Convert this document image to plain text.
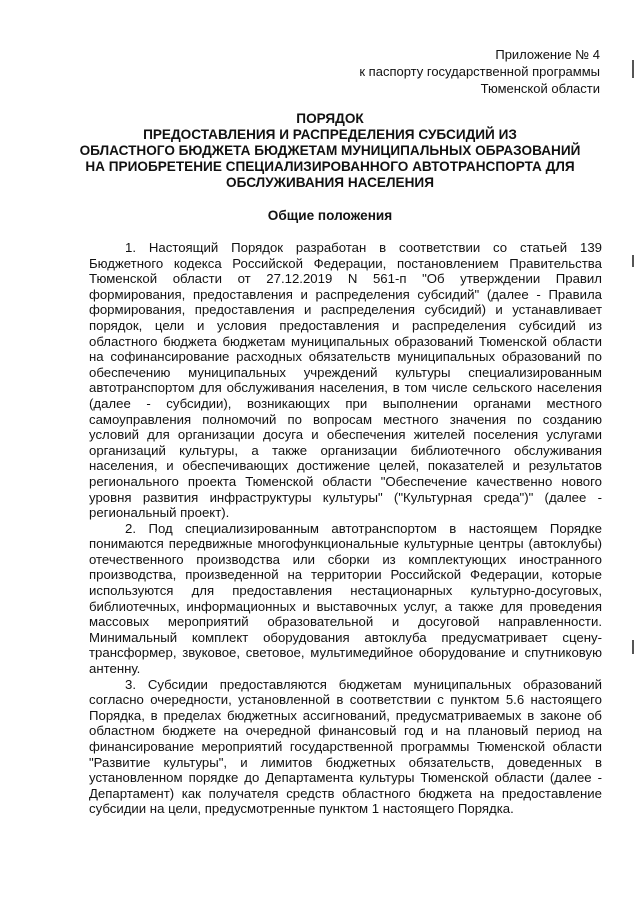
Приложение № 4
к паспорту государственной программы
Тюменской области
ПОРЯДОК
ПРЕДОСТАВЛЕНИЯ И РАСПРЕДЕЛЕНИЯ СУБСИДИЙ ИЗ
ОБЛАСТНОГО БЮДЖЕТА БЮДЖЕТАМ МУНИЦИПАЛЬНЫХ ОБРАЗОВАНИЙ
НА ПРИОБРЕТЕНИЕ СПЕЦИАЛИЗИРОВАННОГО АВТОТРАНСПОРТА ДЛЯ
ОБСЛУЖИВАНИЯ НАСЕЛЕНИЯ
Общие положения

1. Настоящий Порядок разработан в соответствии со статьей 139 Бюджетного кодекса Российской Федерации, постановлением Правительства Тюменской области от 27.12.2019 N 561-п "Об утверждении Правил формирования, предоставления и распределения субсидий" (далее - Правила формирования, предоставления и распределения субсидий) и устанавливает порядок, цели и условия предоставления и распределения субсидий из областного бюджета бюджетам муниципальных образований Тюменской области на софинансирование расходных обязательств муниципальных образований по обеспечению муниципальных учреждений культуры специализированным автотранспортом для обслуживания населения, в том числе сельского населения (далее - субсидии), возникающих при выполнении органами местного самоуправления полномочий по вопросам местного значения по созданию условий для организации досуга и обеспечения жителей поселения услугами организаций культуры, а также организации библиотечного обслуживания населения, и обеспечивающих достижение целей, показателей и результатов регионального проекта Тюменской области "Обеспечение качественно нового уровня развития инфраструктуры культуры" ("Культурная среда")" (далее - региональный проект).

2. Под специализированным автотранспортом в настоящем Порядке понимаются передвижные многофункциональные культурные центры (автоклубы) отечественного производства или сборки из комплектующих иностранного производства, произведенной на территории Российской Федерации, которые используются для предоставления нестационарных культурно-досуговых, библиотечных, информационных и выставочных услуг, а также для проведения массовых мероприятий образовательной и досуговой направленности. Минимальный комплект оборудования автоклуба предусматривает сцену-трансформер, звуковое, световое, мультимедийное оборудование и спутниковую антенну.

3. Субсидии предоставляются бюджетам муниципальных образований согласно очередности, установленной в соответствии с пунктом 5.6 настоящего Порядка, в пределах бюджетных ассигнований, предусматриваемых в законе об областном бюджете на очередной финансовый год и на плановый период на финансирование мероприятий государственной программы Тюменской области "Развитие культуры", и лимитов бюджетных обязательств, доведенных в установленном порядке до Департамента культуры Тюменской области (далее - Департамент) как получателя средств областного бюджета на предоставление субсидии на цели, предусмотренные пунктом 1 настоящего Порядка.
